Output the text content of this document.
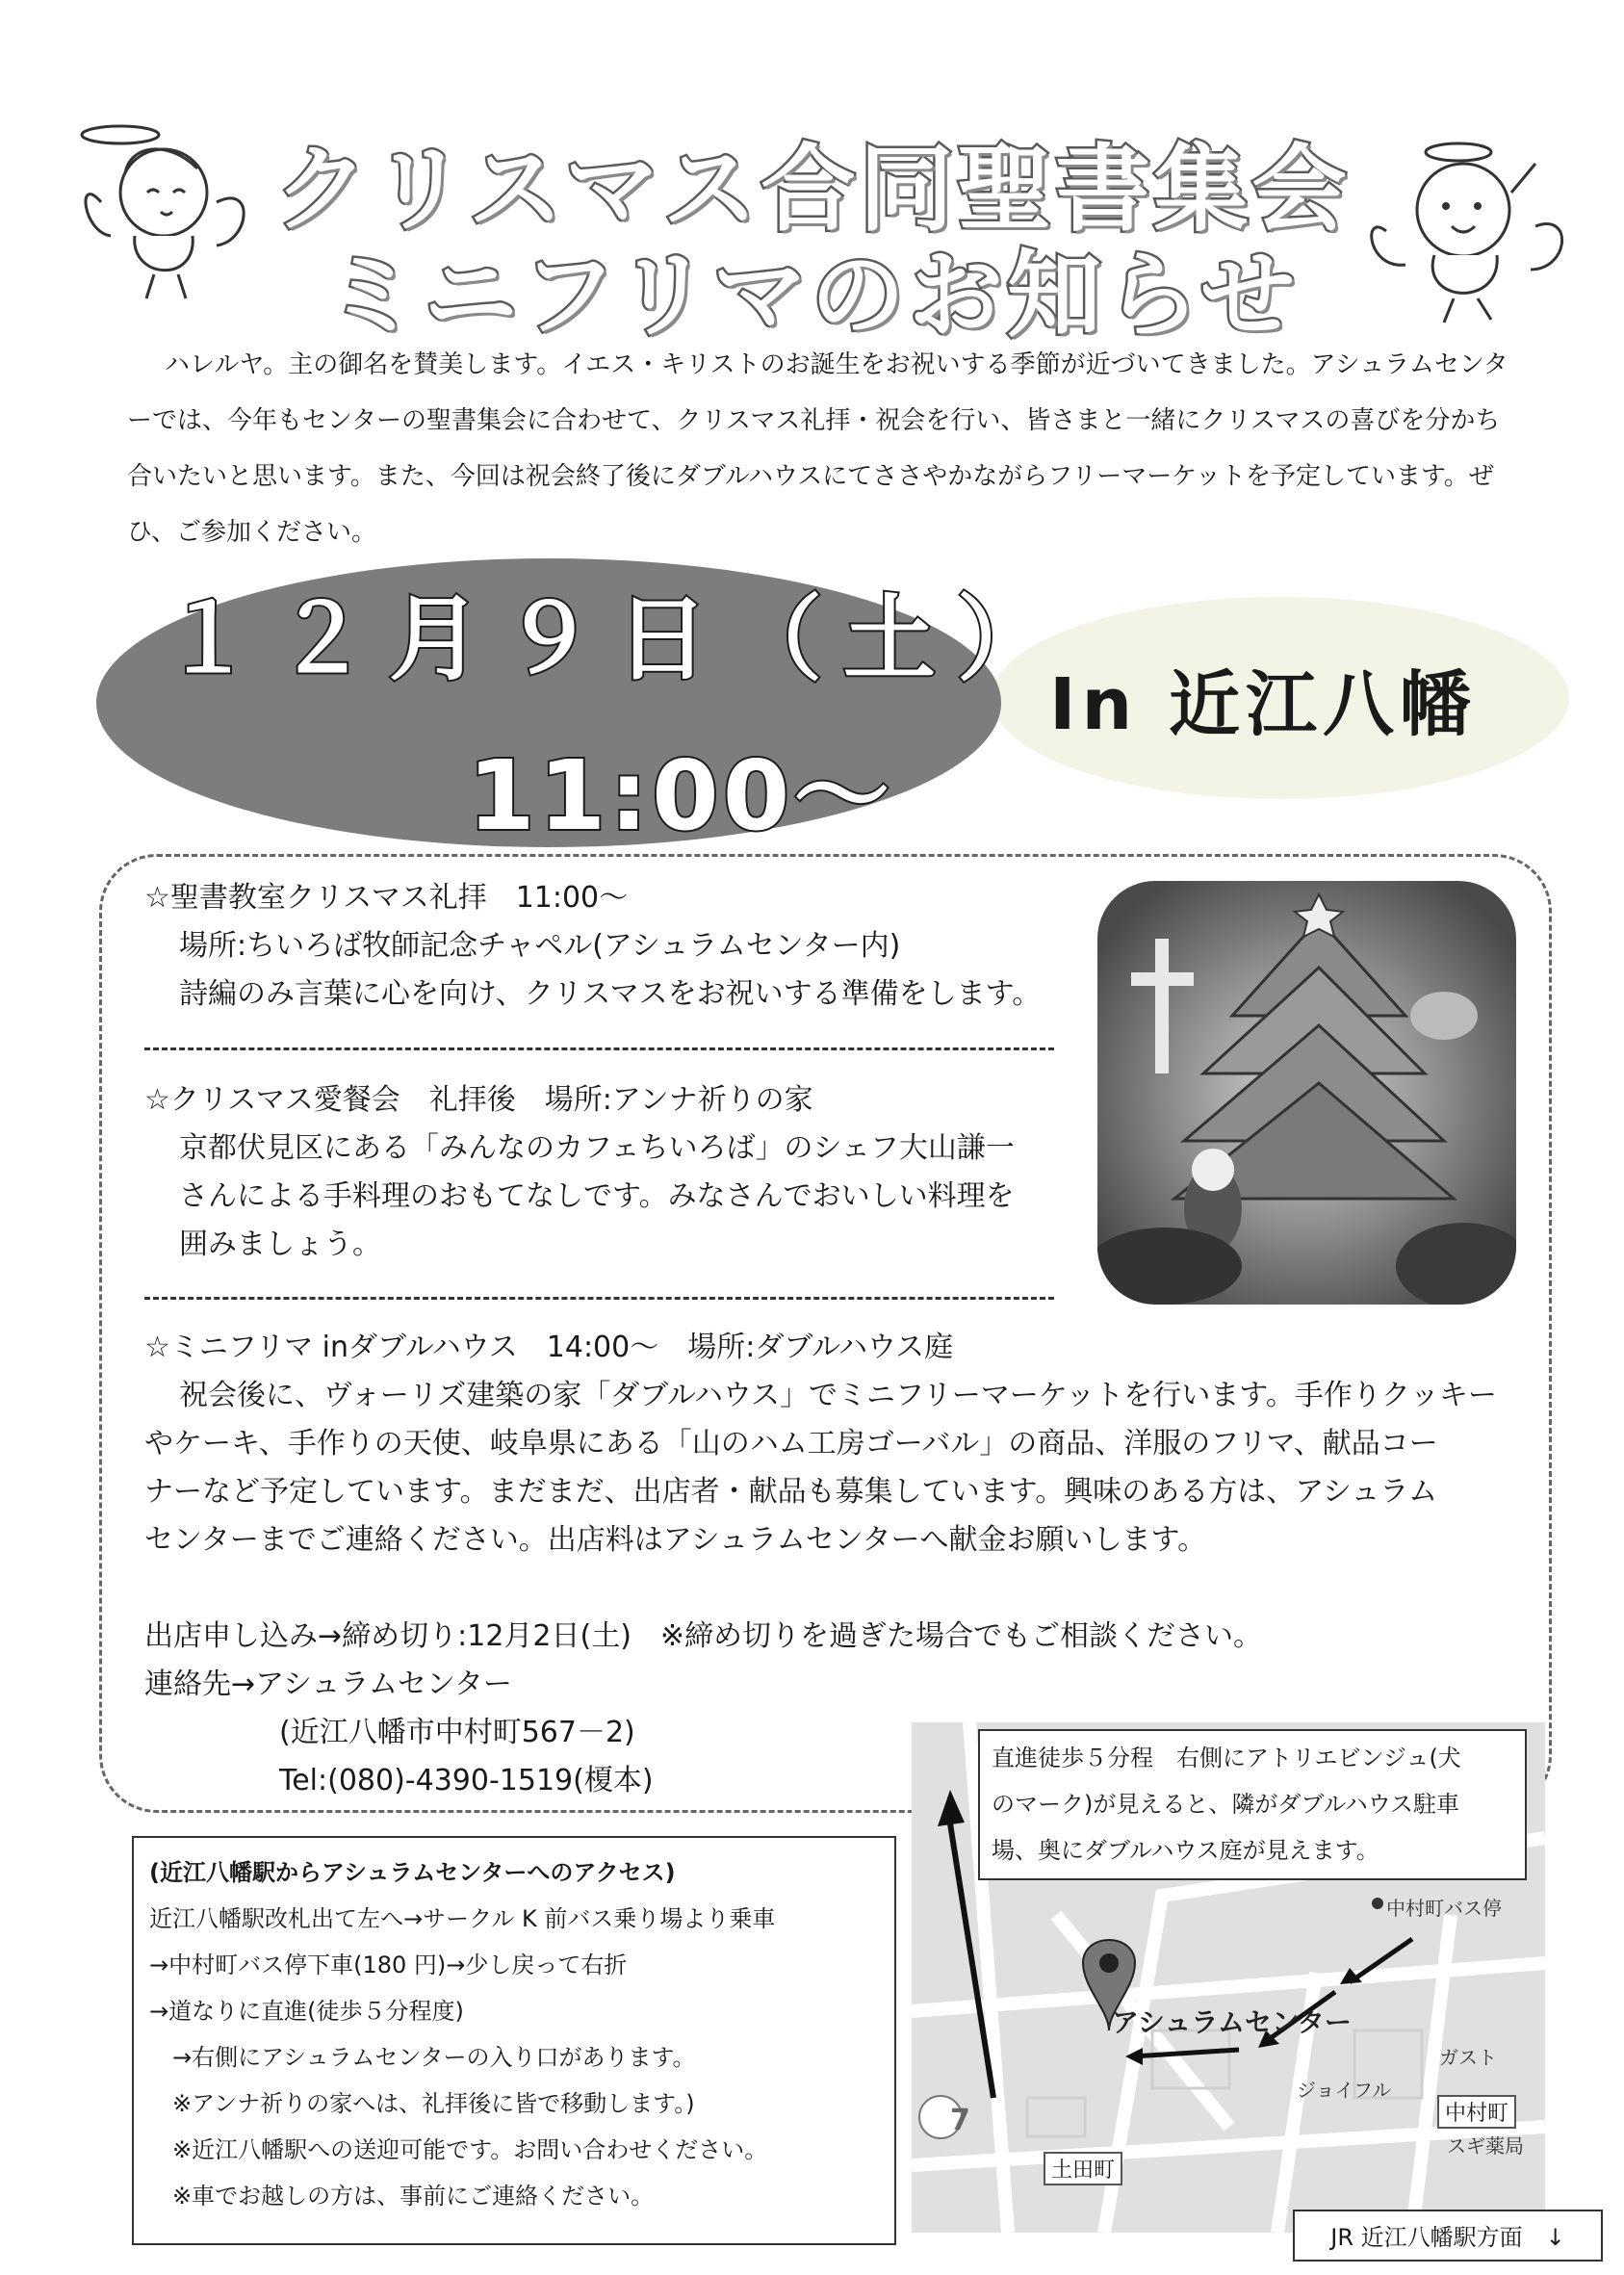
クリスマス合同聖書集会
ミニフリマのお知らせ
ハレルヤ。主の御名を賛美します。イエス・キリストのお誕生をお祝いする季節が近づいてきました。アシュラムセンターでは、今年もセンターの聖書集会に合わせて、クリスマス礼拝・祝会を行い、皆さまと一緒にクリスマスの喜びを分かち合いたいと思います。また、今回は祝会終了後にダブルハウスにてささやかながらフリーマーケットを予定しています。ぜひ、ご参加ください。
１２月９日（土）
11:00～
In 近江八幡
☆聖書教室クリスマス礼拝　11:00～
場所:ちいろば牧師記念チャペル(アシュラムセンター内)
詩編のみ言葉に心を向け、クリスマスをお祝いする準備をします。
☆クリスマス愛餐会　礼拝後　場所:アンナ祈りの家
京都伏見区にある「みんなのカフェちいろば」のシェフ大山謙一
さんによる手料理のおもてなしです。みなさんでおいしい料理を
囲みましょう。
☆ミニフリマ inダブルハウス　14:00～　場所:ダブルハウス庭
祝会後に、ヴォーリズ建築の家「ダブルハウス」でミニフリーマーケットを行います。手作りクッキー
やケーキ、手作りの天使、岐阜県にある「山のハム工房ゴーバル」の商品、洋服のフリマ、献品コー
ナーなど予定しています。まだまだ、出店者・献品も募集しています。興味のある方は、アシュラム
センターまでご連絡ください。出店料はアシュラムセンターへ献金お願いします。
出店申し込み→締め切り:12月2日(土)　※締め切りを過ぎた場合でもご相談ください。
連絡先→アシュラムセンター
(近江八幡市中村町567－2)
Tel:(080)-4390-1519(榎本)
(近江八幡駅からアシュラムセンターへのアクセス)
近江八幡駅改札出て左へ→サークル K 前バス乗り場より乗車
→中村町バス停下車(180 円)→少し戻って右折
→道なりに直進(徒歩５分程度)
　→右側にアシュラムセンターの入り口があります。
　※アンナ祈りの家へは、礼拝後に皆で移動します。)
　※近江八幡駅への送迎可能です。お問い合わせください。
　※車でお越しの方は、事前にご連絡ください。
7
中村町バス停
アシュラムセンター
ガスト
ジョイフル
中村町
スギ薬局
土田町
直進徒歩５分程　右側にアトリエビンジュ(犬
のマーク)が見えると、隣がダブルハウス駐車
場、奥にダブルハウス庭が見えます。
JR 近江八幡駅方面　↓
